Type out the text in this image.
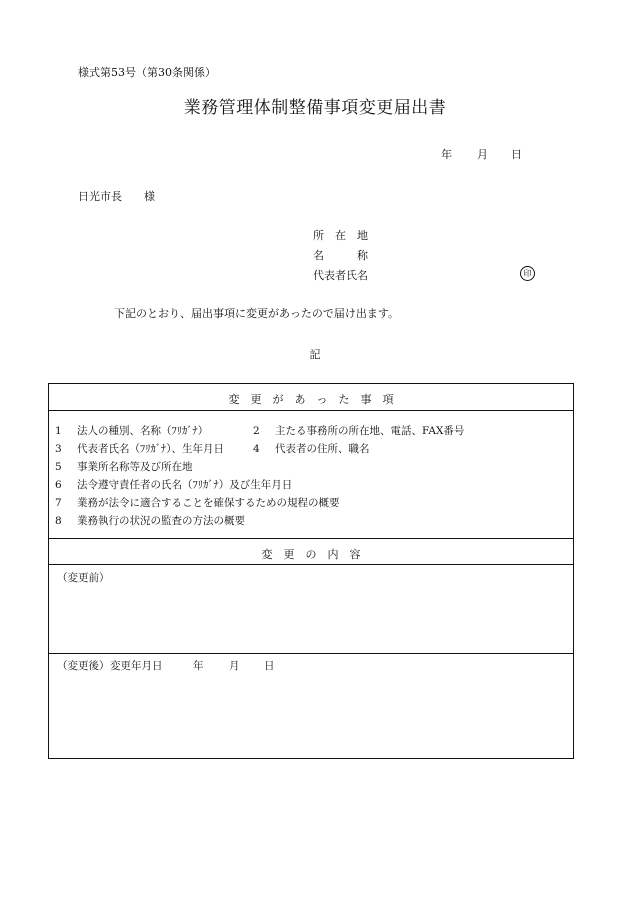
様式第53号（第30条関係）
業務管理体制整備事項変更届出書
年 月 日
日光市長　　様
所　在　地
名　　　称
代表者氏名	印
下記のとおり、届出事項に変更があったので届け出ます。
記
変　更　が　あ　っ　た　事　項
1 法人の種別、名称（ﾌﾘｶﾞﾅ）	2 主たる事務所の所在地、電話、FAX番号
3 代表者氏名（ﾌﾘｶﾞﾅ）、生年月日	4 代表者の住所、職名
5 事業所名称等及び所在地
6 法令遵守責任者の氏名（ﾌﾘｶﾞﾅ）及び生年月日
7 業務が法令に適合することを確保するための規程の概要
8 業務執行の状況の監査の方法の概要
変　更　の　内　容
（変更前）
（変更後） 変更年月日	年 月 日
